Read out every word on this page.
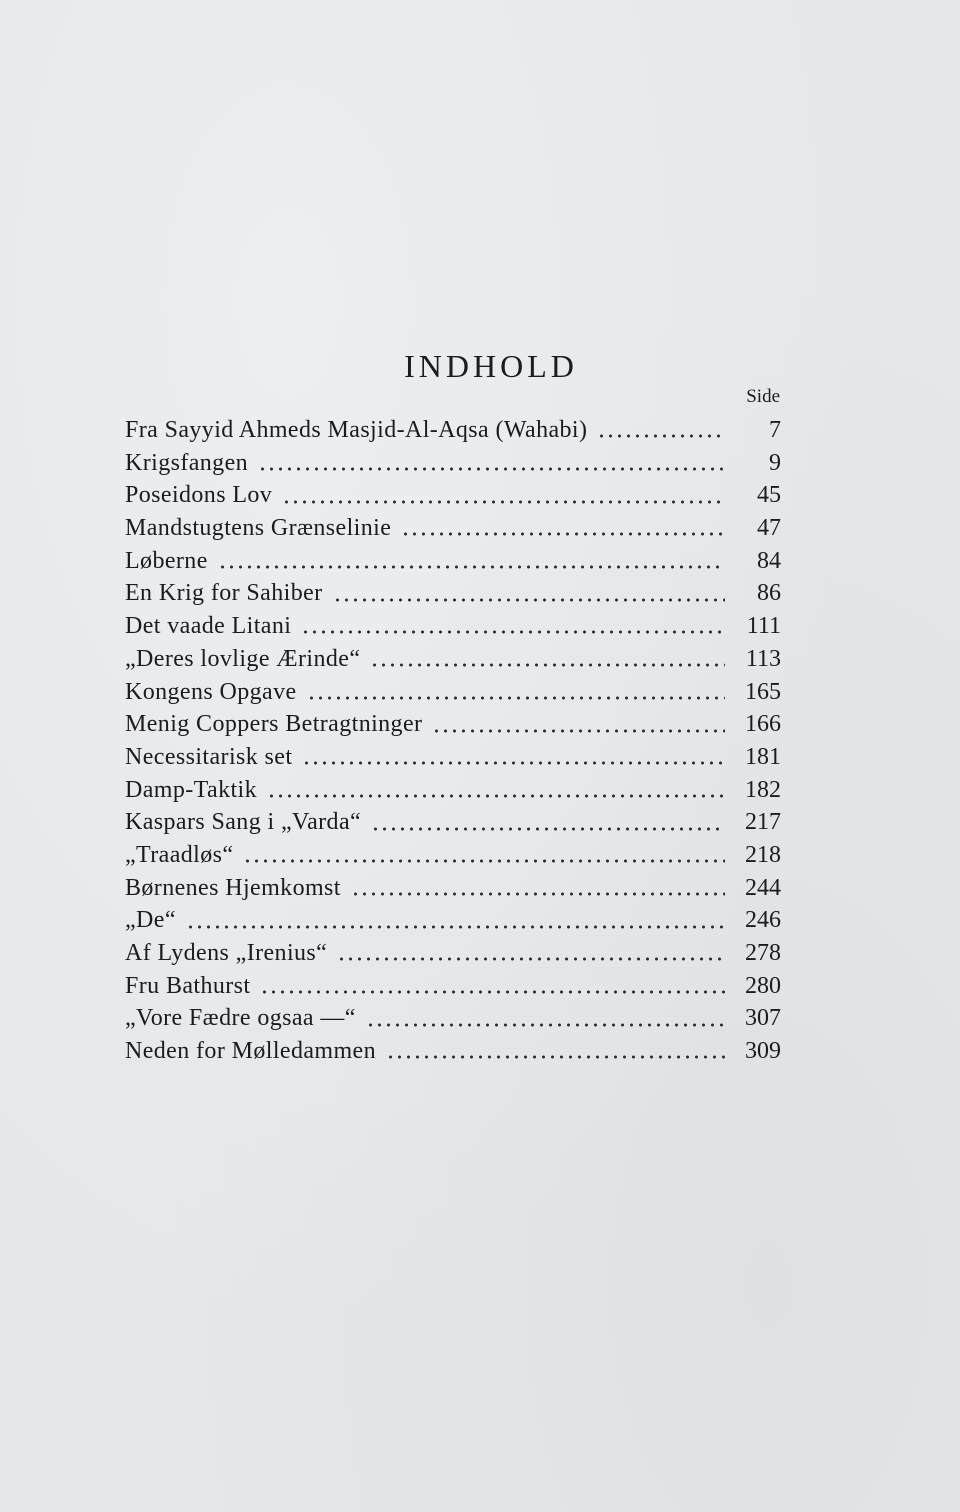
INDHOLD
Side
Fra Sayyid Ahmeds Masjid-Al-Aqsa (Wahabi)	7
Krigsfangen	9
Poseidons Lov	45
Mandstugtens Grænselinie	47
Løberne	84
En Krig for Sahiber	86
Det vaade Litani	111
„Deres lovlige Ærinde“	113
Kongens Opgave	165
Menig Coppers Betragtninger	166
Necessitarisk set	181
Damp-Taktik	182
Kaspars Sang i „Varda“	217
„Traadløs“	218
Børnenes Hjemkomst	244
„De“	246
Af Lydens „Irenius“	278
Fru Bathurst	280
„Vore Fædre ogsaa —“	307
Neden for Mølledammen	309
